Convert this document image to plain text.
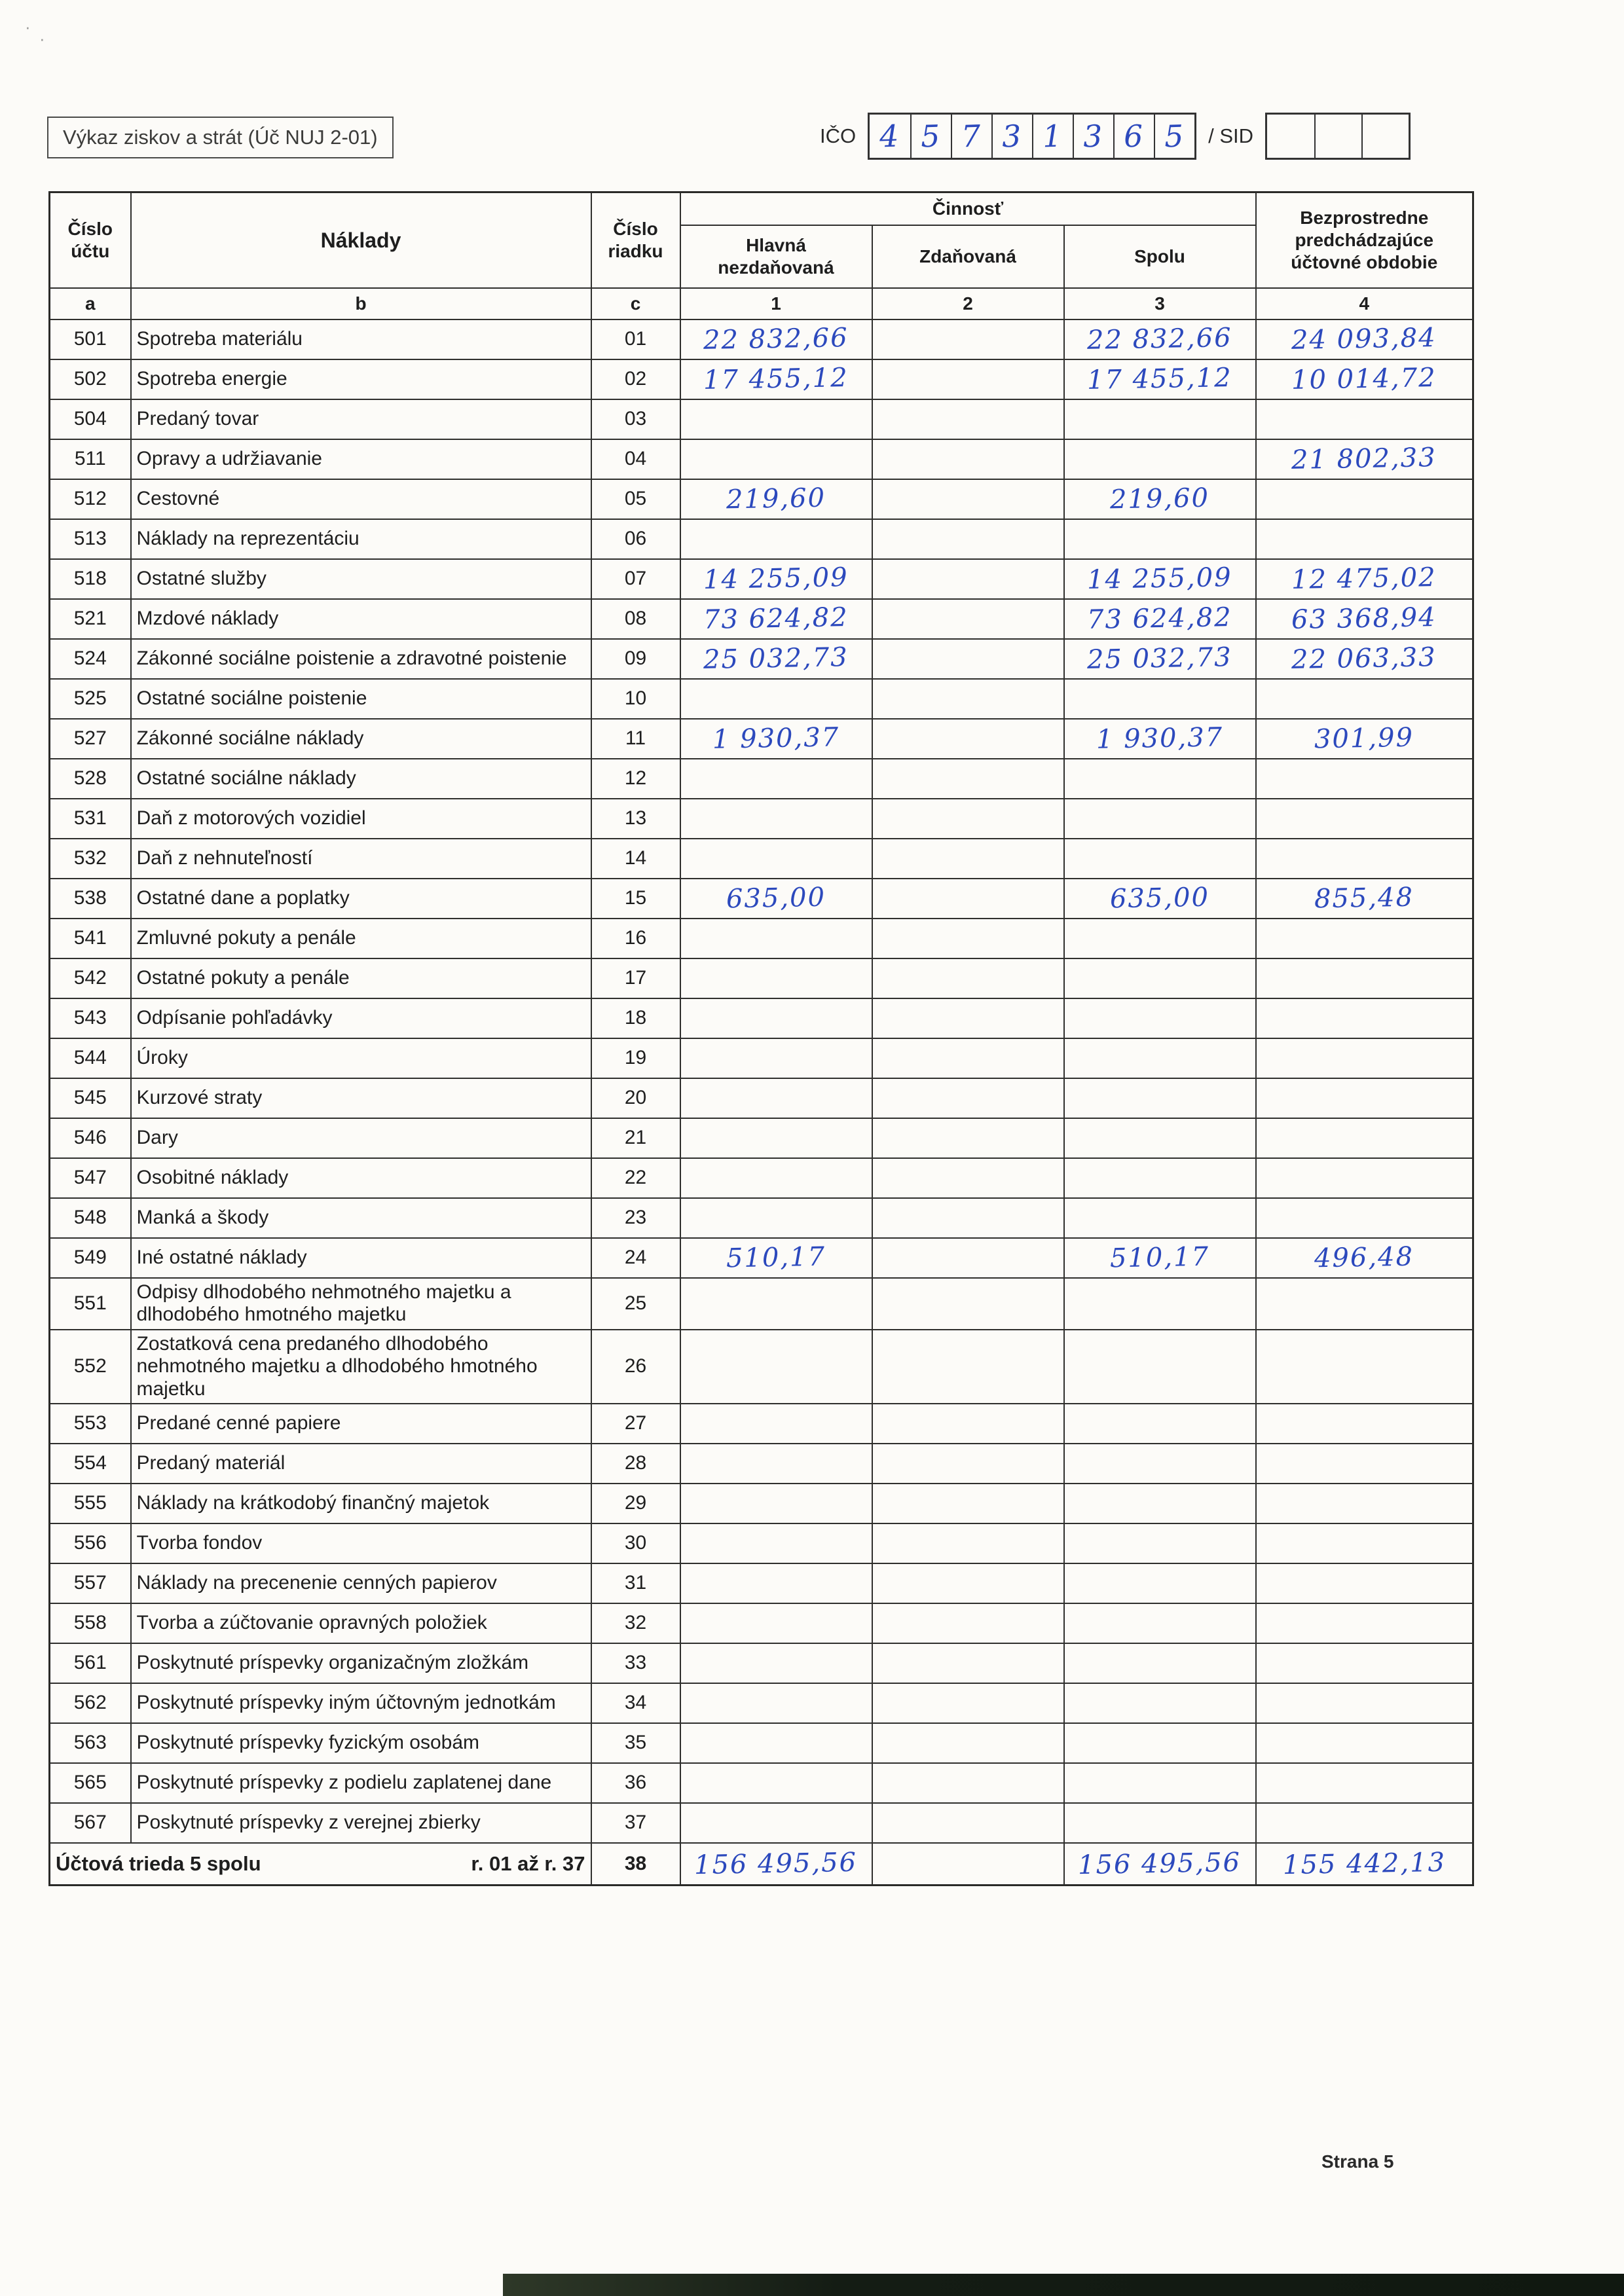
·
·
Výkaz ziskov a strát (Úč NUJ 2-01)	IČO 4 5 7 3 1 3 6 5 / SID
Číslo účtu	Náklady	Číslo riadku	Činnosť			Bezprostredne predchádzajúce účtovné obdobie
			Hlavná nezdaňovaná	Zdaňovaná	Spolu	
a	b	c	1	2	3	4
501	Spotreba materiálu	01	22 832,66		22 832,66	24 093,84
502	Spotreba energie	02	17 455,12		17 455,12	10 014,72
504	Predaný tovar	03				
511	Opravy a udržiavanie	04				21 802,33
512	Cestovné	05	219,60		219,60	
513	Náklady na reprezentáciu	06				
518	Ostatné služby	07	14 255,09		14 255,09	12 475,02
521	Mzdové náklady	08	73 624,82		73 624,82	63 368,94
524	Zákonné sociálne poistenie a zdravotné poistenie	09	25 032,73		25 032,73	22 063,33
525	Ostatné sociálne poistenie	10				
527	Zákonné sociálne náklady	11	1 930,37		1 930,37	301,99
528	Ostatné sociálne náklady	12				
531	Daň z motorových vozidiel	13				
532	Daň z nehnuteľností	14				
538	Ostatné dane a poplatky	15	635,00		635,00	855,48
541	Zmluvné pokuty a penále	16				
542	Ostatné pokuty a penále	17				
543	Odpísanie pohľadávky	18				
544	Úroky	19				
545	Kurzové straty	20				
546	Dary	21				
547	Osobitné náklady	22				
548	Manká a škody	23				
549	Iné ostatné náklady	24	510,17		510,17	496,48
551	Odpisy dlhodobého nehmotného majetku a dlhodobého hmotného majetku	25				
552	Zostatková cena predaného dlhodobého nehmotného majetku a dlhodobého hmotného majetku	26				
553	Predané cenné papiere	27				
554	Predaný materiál	28				
555	Náklady na krátkodobý finančný majetok	29				
556	Tvorba fondov	30				
557	Náklady na precenenie cenných papierov	31				
558	Tvorba a zúčtovanie opravných položiek	32				
561	Poskytnuté príspevky organizačným zložkám	33				
562	Poskytnuté príspevky iným účtovným jednotkám	34				
563	Poskytnuté príspevky fyzickým osobám	35				
565	Poskytnuté príspevky z podielu zaplatenej dane	36				
567	Poskytnuté príspevky z verejnej zbierky	37				

Účtová trieda 5 spolu r. 01 až r. 37		38	156 495,56		156 495,56	155 442,13
Strana 5
